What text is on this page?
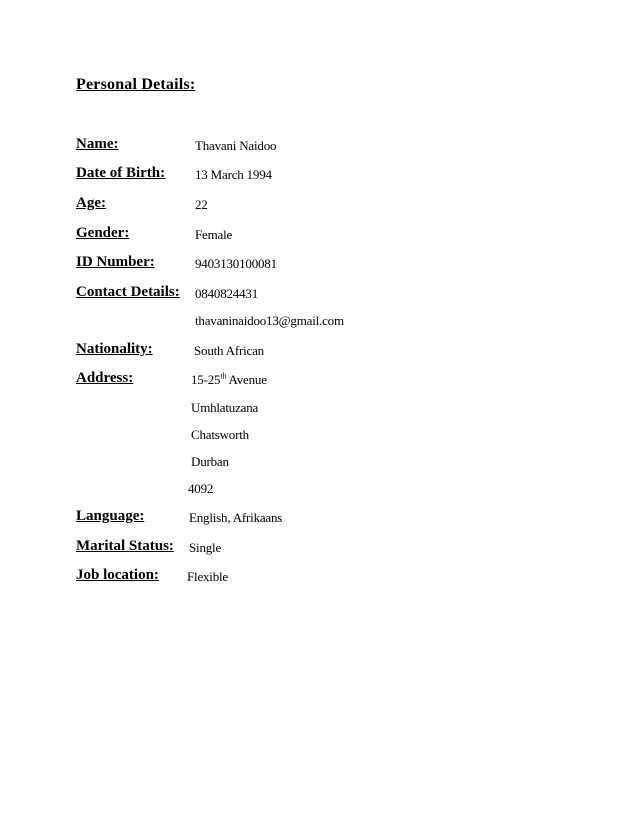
Personal Details:
Name:	Thavani Naidoo
Date of Birth: 13 March 1994
Age:	22
Gender:	Female
ID Number:	9403130100081
Contact Details: 0840824431
thavaninaidoo13@gmail.com
Nationality:	South African
Address:	15-25th Avenue
Umhlatuzana
Chatsworth
Durban
4092
Language:	English, Afrikaans
Marital Status: Single
Job location: Flexible
